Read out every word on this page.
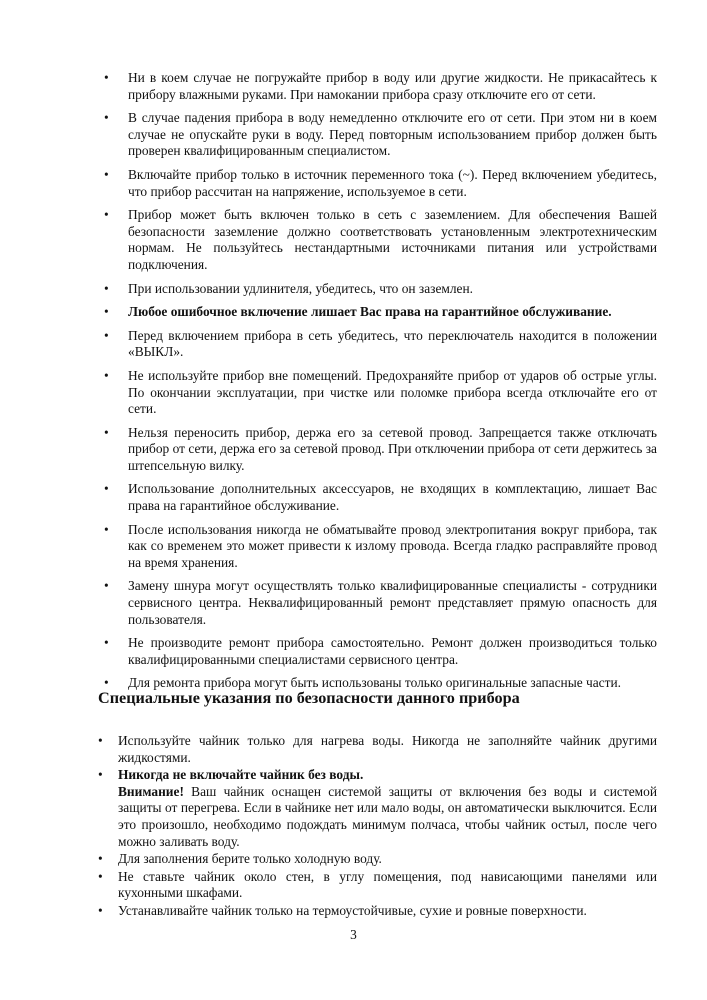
• Ни в коем случае не погружайте прибор в воду или другие жидкости. Не прикасайтесь к прибору влажными руками. При намокании прибора сразу отключите его от сети.
• В случае падения прибора в воду немедленно отключите его от сети. При этом ни в коем случае не опускайте руки в воду. Перед повторным использованием прибор должен быть проверен квалифицированным специалистом.
• Включайте прибор только в источник переменного тока (~). Перед включением убедитесь, что прибор рассчитан на напряжение, используемое в сети.
• Прибор может быть включен только в сеть с заземлением. Для обеспечения Вашей безопасности заземление должно соответствовать установленным электротехническим нормам. Не пользуйтесь нестандартными источниками питания или устройствами подключения.
• При использовании удлинителя, убедитесь, что он заземлен.
• Любое ошибочное включение лишает Вас права на гарантийное обслуживание.
• Перед включением прибора в сеть убедитесь, что переключатель находится в положении «ВЫКЛ».
• Не используйте прибор вне помещений. Предохраняйте прибор от ударов об острые углы. По окончании эксплуатации, при чистке или поломке прибора всегда отключайте его от сети.
• Нельзя переносить прибор, держа его за сетевой провод. Запрещается также отключать прибор от сети, держа его за сетевой провод. При отключении прибора от сети держитесь за штепсельную вилку.
• Использование дополнительных аксессуаров, не входящих в комплектацию, лишает Вас права на гарантийное обслуживание.
• После использования никогда не обматывайте провод электропитания вокруг прибора, так как со временем это может привести к излому провода. Всегда гладко расправляйте провод на время хранения.
• Замену шнура могут осуществлять только квалифицированные специалисты - сотрудники сервисного центра. Неквалифицированный ремонт представляет прямую опасность для пользователя.
• Не производите ремонт прибора самостоятельно. Ремонт должен производиться только квалифицированными специалистами сервисного центра.
• Для ремонта прибора могут быть использованы только оригинальные запасные части.
Специальные указания по безопасности данного прибора
• Используйте чайник только для нагрева воды. Никогда не заполняйте чайник другими жидкостями.
• Никогда не включайте чайник без воды.
Внимание! Ваш чайник оснащен системой защиты от включения без воды и системой защиты от перегрева. Если в чайнике нет или мало воды, он автоматически выключится. Если это произошло, необходимо подождать минимум полчаса, чтобы чайник остыл, после чего можно заливать воду.
• Для заполнения берите только холодную воду.
• Не ставьте чайник около стен, в углу помещения, под нависающими панелями или кухонными шкафами.
• Устанавливайте чайник только на термоустойчивые, сухие и ровные поверхности.
3
